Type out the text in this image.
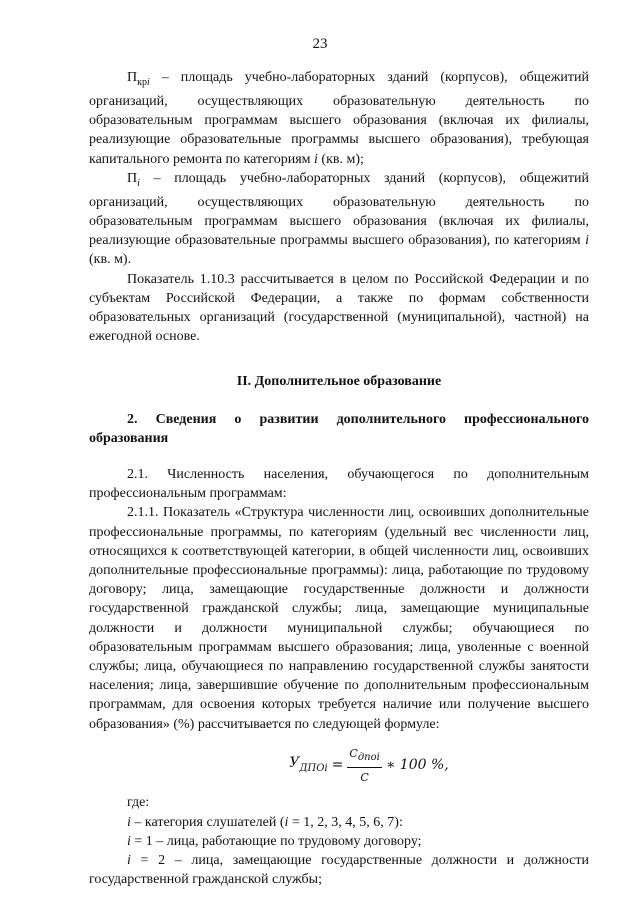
23

$П_{крi}$ – площадь учебно-лабораторных зданий (корпусов), общежитий организаций, осуществляющих образовательную деятельность по образовательным программам высшего образования (включая их филиалы, реализующие образовательные программы высшего образования), требующая капитального ремонта по категориям i (кв. м);

$П_i$ – площадь учебно-лабораторных зданий (корпусов), общежитий организаций, осуществляющих образовательную деятельность по образовательным программам высшего образования (включая их филиалы, реализующие образовательные программы высшего образования), по категориям i (кв. м).

Показатель 1.10.3 рассчитывается в целом по Российской Федерации и по субъектам Российской Федерации, а также по формам собственности образовательных организаций (государственной (муниципальной), частной) на ежегодной основе.

II. Дополнительное образование

2. Сведения о развитии дополнительного профессионального образования

2.1. Численность населения, обучающегося по дополнительным профессиональным программам:

2.1.1. Показатель «Структура численности лиц, освоивших дополнительные профессиональные программы, по категориям (удельный вес численности лиц, относящихся к соответствующей категории, в общей численности лиц, освоивших дополнительные профессиональные программы): лица, работающие по трудовому договору; лица, замещающие государственные должности и должности государственной гражданской службы; лица, замещающие муниципальные должности и должности муниципальной службы; обучающиеся по образовательным программам высшего образования; лица, уволенные с военной службы; лица, обучающиеся по направлению государственной службы занятости населения; лица, завершившие обучение по дополнительным профессиональным программам, для освоения которых требуется наличие или получение высшего образования» (%) рассчитывается по следующей формуле:

$У_{ДПОi} = \frac{С_{дпоi}}{С}$ ∗ 100 %,

где:

i – категория слушателей (i = 1, 2, 3, 4, 5, 6, 7):

i = 1 – лица, работающие по трудовому договору;

i = 2 – лица, замещающие государственные должности и должности государственной гражданской службы;
